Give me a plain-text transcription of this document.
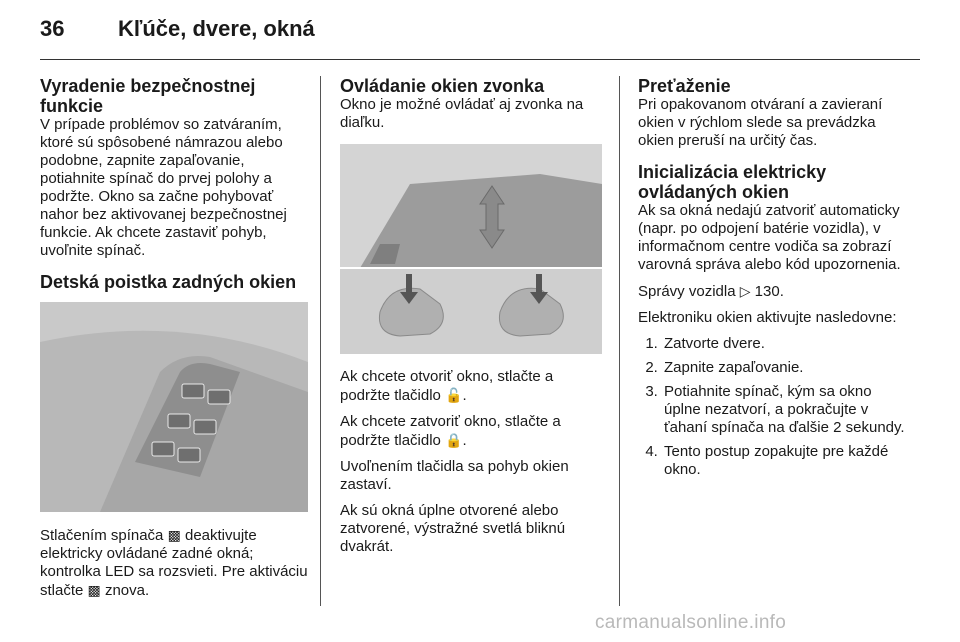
36 Kľúče, dvere, okná
Vyradenie bezpečnostnej funkcie

V prípade problémov so zatváraním, ktoré sú spôsobené námrazou alebo podobne, zapnite zapaľovanie, potiahnite spínač do prvej polohy a podržte. Okno sa začne pohybovať nahor bez aktivovanej bezpečnostnej funkcie. Ak chcete zastaviť pohyb, uvoľnite spínač.

Detská poistka zadných okien

Stlačením spínača ▩ deaktivujte elektricky ovládané zadné okná; kontrolka LED sa rozsvieti. Pre aktiváciu stlačte ▩ znova.

Ovládanie okien zvonka

Okno je možné ovládať aj zvonka na diaľku.

Ak chcete otvoriť okno, stlačte a podržte tlačidlo 🔓.

Ak chcete zatvoriť okno, stlačte a podržte tlačidlo 🔒.

Uvoľnením tlačidla sa pohyb okien zastaví.

Ak sú okná úplne otvorené alebo zatvorené, výstražné svetlá bliknú dvakrát.

Preťaženie

Pri opakovanom otváraní a zavieraní okien v rýchlom slede sa prevádzka okien preruší na určitý čas.

Inicializácia elektricky ovládaných okien

Ak sa okná nedajú zatvoriť automaticky (napr. po odpojení batérie vozidla), v informačnom centre vodiča sa zobrazí varovná správa alebo kód upozornenia.

Správy vozidla ▷ 130.

Elektroniku okien aktivujte nasledovne:

1. Zatvorte dvere.
2. Zapnite zapaľovanie.
3. Potiahnite spínač, kým sa okno úplne nezatvorí, a pokračujte v ťahaní spínača na ďalšie 2 sekundy.
4. Tento postup zopakujte pre každé okno.
carmanualsonline.info
